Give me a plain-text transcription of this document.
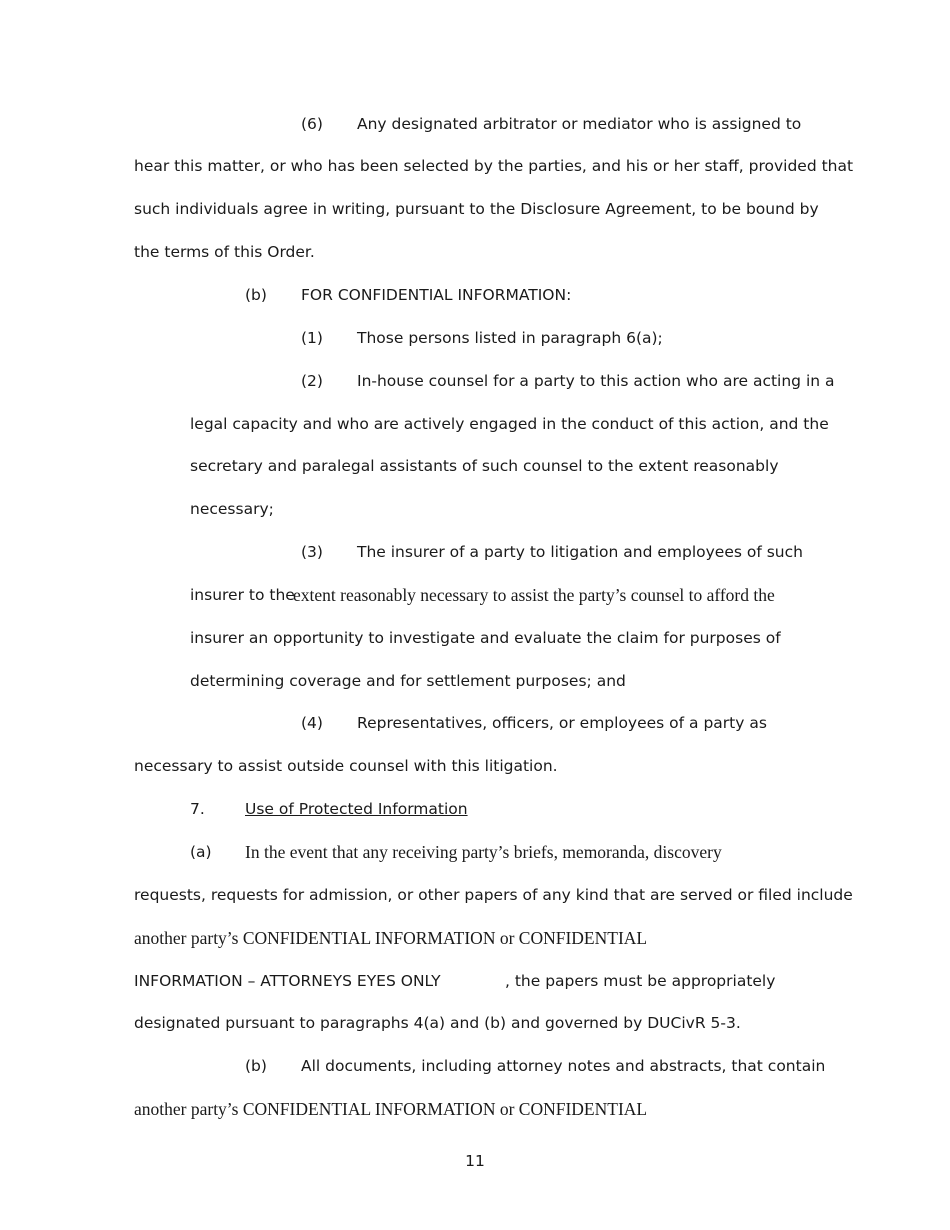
(6) Any designated arbitrator or mediator who is assigned to
hear this matter, or who has been selected by the parties, and his or her staff, provided that
such individuals agree in writing, pursuant to the Disclosure Agreement, to be bound by
the terms of this Order.
(b) FOR CONFIDENTIAL INFORMATION:
(1) Those persons listed in paragraph 6(a);
(2) In-house counsel for a party to this action who are acting in a
legal capacity and who are actively engaged in the conduct of this action, and the
secretary and paralegal assistants of such counsel to the extent reasonably
necessary;
(3) The insurer of a party to litigation and employees of such
insurer to the
extent reasonably necessary to assist the party’s counsel to afford the
insurer an opportunity to investigate and evaluate the claim for purposes of
determining coverage and for settlement purposes; and
(4) Representatives, officers, or employees of a party as
necessary to assist outside counsel with this litigation.
7.	Use of Protected Information
(a) In the event that any receiving party’s briefs, memoranda, discovery
requests, requests for admission, or other papers of any kind that are served or filed include
another party’s CONFIDENTIAL INFORMATION or CONFIDENTIAL
INFORMATION – ATTORNEYS EYES ONLY	, the papers must be appropriately
designated pursuant to paragraphs 4(a) and (b) and governed by DUCivR 5-3.
(b) All documents, including attorney notes and abstracts, that contain
another party’s CONFIDENTIAL INFORMATION or CONFIDENTIAL
11
